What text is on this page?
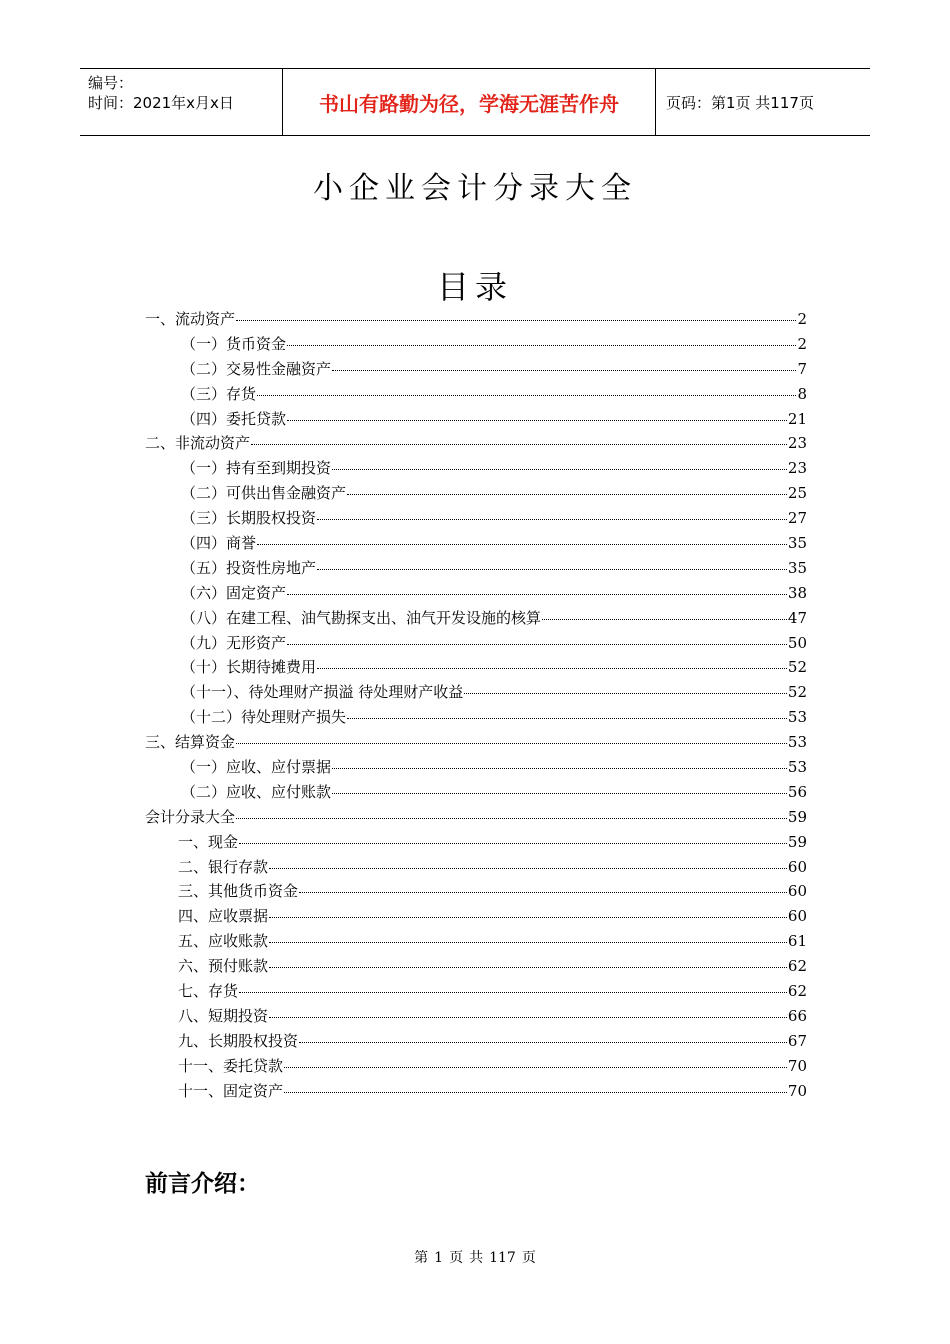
编号：
时间：2021年x月x日	书山有路勤为径，学海无涯苦作舟	页码：第1页 共117页
小企业会计分录大全
目录
一、流动资产	2
（一）货币资金	2
（二）交易性金融资产	7
（三）存货	8
（四）委托贷款	21
二、非流动资产	23
（一）持有至到期投资	23
（二）可供出售金融资产	25
（三）长期股权投资	27
（四）商誉	35
（五）投资性房地产	35
（六）固定资产	38
（八）在建工程、油气勘探支出、油气开发设施的核算	47
（九）无形资产	50
（十）长期待摊费用	52
（十一）、待处理财产损溢 待处理财产收益	52
（十二）待处理财产损失	53
三、结算资金	53
（一）应收、应付票据	53
（二）应收、应付账款	56
会计分录大全	59
一、现金	59
二、银行存款	60
三、其他货币资金	60
四、应收票据	60
五、应收账款	61
六、预付账款	62
七、存货	62
八、短期投资	66
九、长期股权投资	67
十一、委托贷款	70
十一、固定资产	70
前言介绍：
第 1 页 共 117 页
